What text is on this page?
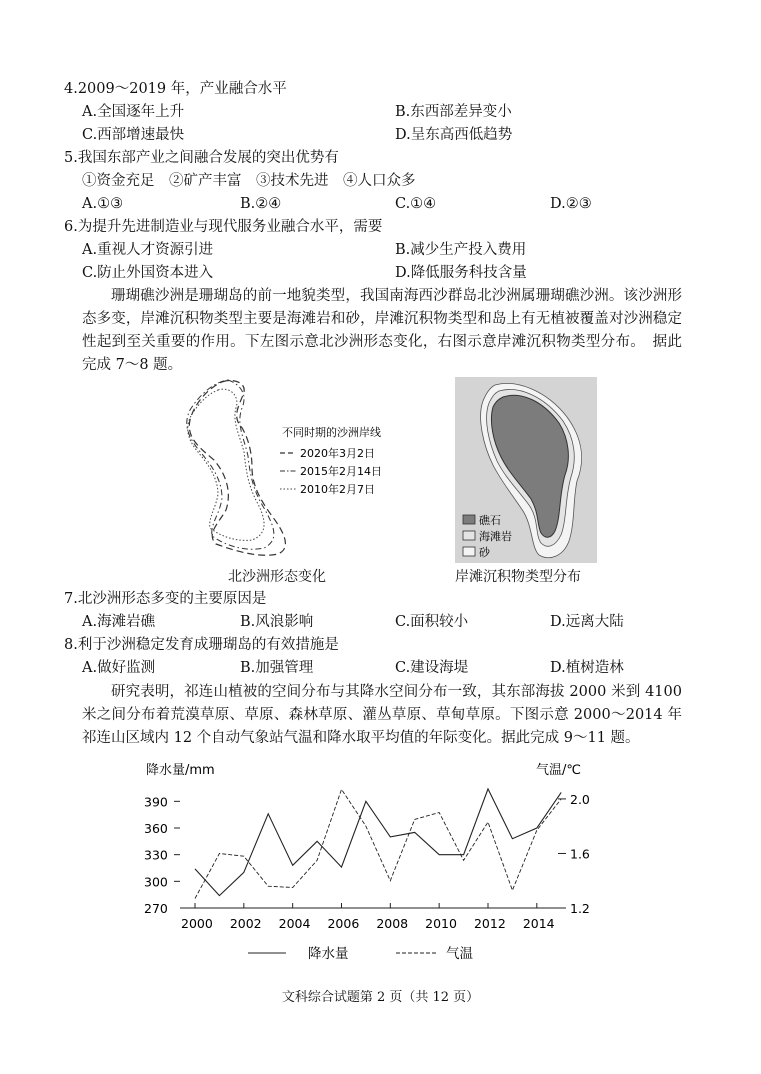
4.2009～2019 年，产业融合水平
A.全国逐年上升	B.东西部差异变小
C.西部增速最快	D.呈东高西低趋势
5.我国东部产业之间融合发展的突出优势有
①资金充足　②矿产丰富　③技术先进　④人口众多
A.①③	B.②④	C.①④	D.②③
6.为提升先进制造业与现代服务业融合水平，需要
A.重视人才资源引进	B.减少生产投入费用
C.防止外国资本进入	D.降低服务科技含量
珊瑚礁沙洲是珊瑚岛的前一地貌类型，我国南海西沙群岛北沙洲属珊瑚礁沙洲。该沙洲形态多变，岸滩沉积物类型主要是海滩岩和砂，岸滩沉积物类型和岛上有无植被覆盖对沙洲稳定性起到至关重要的作用。下左图示意北沙洲形态变化，右图示意岸滩沉积物类型分布。　据此完成 7～8 题。
不同时期的沙洲岸线
2020年3月2日
2015年2月14日
2010年2月7日
北沙洲形态变化
礁石
海滩岩
砂
岸滩沉积物类型分布
7.北沙洲形态多变的主要原因是
A.海滩岩礁	B.风浪影响	C.面积较小	D.远离大陆
8.利于沙洲稳定发育成珊瑚岛的有效措施是
A.做好监测	B.加强管理	C.建设海堤	D.植树造林
研究表明，祁连山植被的空间分布与其降水空间分布一致，其东部海拔 2000 米到 4100 米之间分布着荒漠草原、草原、森林草原、灌丛草原、草甸草原。下图示意 2000～2014 年祁连山区域内 12 个自动气象站气温和降水取平均值的年际变化。据此完成 9～11 题。
降水量/mm	气温/℃
390
360
330
300
270
2.0
1.6
1.2
2000 2002 2004 2006 2008 2010 2012 2014
降水量	气温
文科综合试题第 2 页（共 12 页）
